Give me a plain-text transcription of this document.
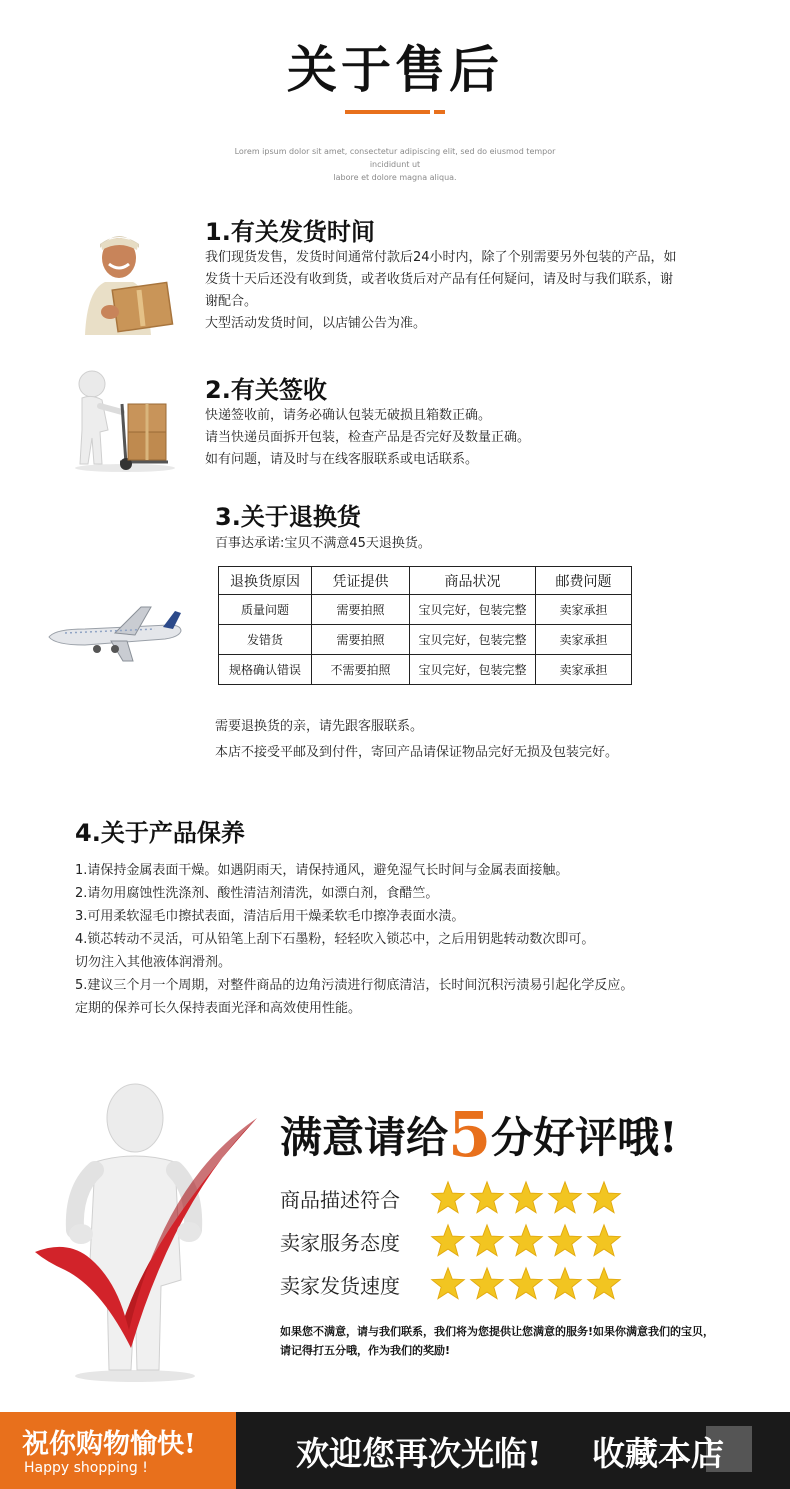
关于售后
Lorem ipsum dolor sit amet, consectetur adipiscing elit, sed do eiusmod tempor incididunt ut
labore et dolore magna aliqua.
1.有关发货时间
我们现货发售，发货时间通常付款后24小时内，除了个别需要另外包装的产品，如
发货十天后还没有收到货，或者收货后对产品有任何疑问，请及时与我们联系，谢
谢配合。
大型活动发货时间，以店铺公告为准。
2.有关签收
快递签收前，请务必确认包装无破损且箱数正确。
请当快递员面拆开包装，检查产品是否完好及数量正确。
如有问题，请及时与在线客服联系或电话联系。
3.关于退换货
百事达承诺:宝贝不满意45天退换货。
退换货原因	凭证提供	商品状况	邮费问题
质量问题	需要拍照	宝贝完好，包装完整	卖家承担
发错货	需要拍照	宝贝完好，包装完整	卖家承担
规格确认错误	不需要拍照	宝贝完好，包装完整	卖家承担
需要退换货的亲，请先跟客服联系。
本店不接受平邮及到付件，寄回产品请保证物品完好无损及包装完好。
4.关于产品保养
1.请保持金属表面干燥。如遇阴雨天，请保持通风，避免湿气长时间与金属表面接触。
2.请勿用腐蚀性洗涤剂、酸性清洁剂清洗，如漂白剂，食醋竺。
3.可用柔软湿毛巾擦拭表面，清洁后用干燥柔软毛巾擦净表面水渍。
4.锁芯转动不灵活，可从铅笔上刮下石墨粉，轻轻吹入锁芯中，之后用钥匙转动数次即可。
切勿注入其他液体润滑剂。
5.建议三个月一个周期，对整件商品的边角污渍进行彻底清洁，长时间沉积污渍易引起化学反应。
定期的保养可长久保持表面光泽和高效使用性能。
满意请给5分好评哦!
商品描述符合
卖家服务态度
卖家发货速度
如果您不满意，请与我们联系，我们将为您提供让您满意的服务!如果你满意我们的宝贝，
请记得打五分哦，作为我们的奖励!
祝你购物愉快!
Happy shopping !	欢迎您再次光临! 收藏本店
